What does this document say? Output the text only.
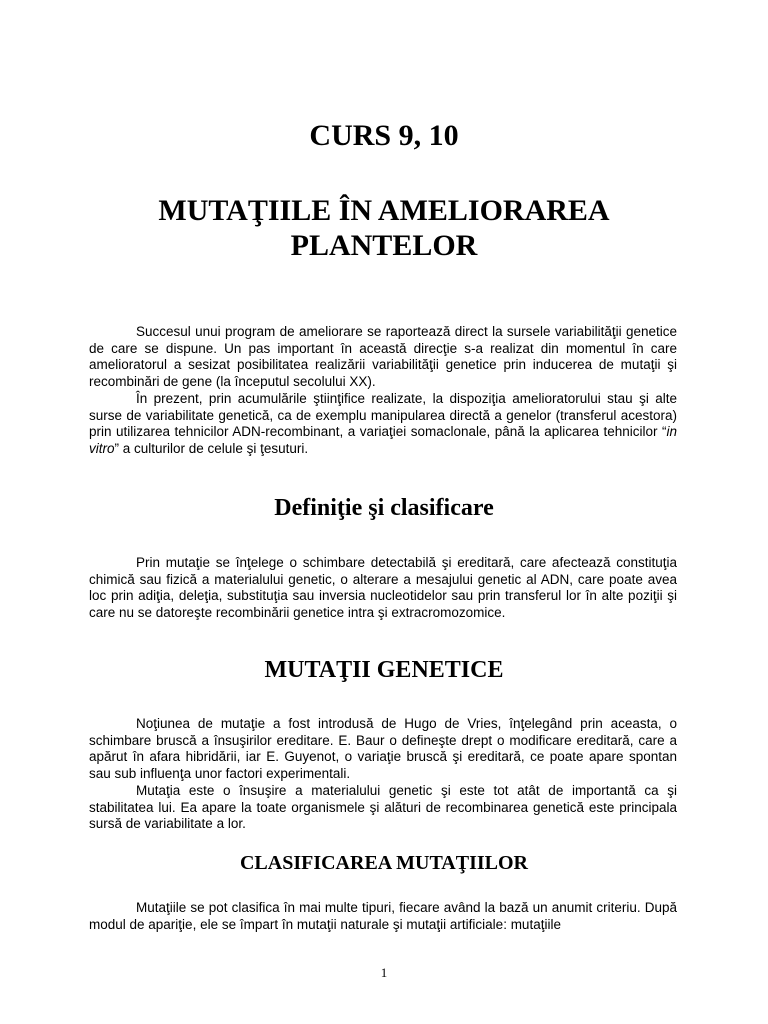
CURS 9, 10
MUTAŢIILE ÎN AMELIORAREA
PLANTELOR
Succesul unui program de ameliorare se raportează direct la sursele variabilităţii genetice de care se dispune. Un pas important în această direcţie s-a realizat din momentul în care amelioratorul a sesizat posibilitatea realizării variabilităţii genetice prin inducerea de mutaţii şi recombinări de gene (la începutul secolului XX).
În prezent, prin acumulările ştiinţifice realizate, la dispoziţia amelioratorului stau şi alte surse de variabilitate genetică, ca de exemplu manipularea directă a genelor (transferul acestora) prin utilizarea tehnicilor ADN-recombinant, a variaţiei somaclonale, până la aplicarea tehnicilor “in vitro” a culturilor de celule şi ţesuturi.
Definiţie şi clasificare
Prin mutaţie se înţelege o schimbare detectabilă şi ereditară, care afectează constituţia chimică sau fizică a materialului genetic, o alterare a mesajului genetic al ADN, care poate avea loc prin adiţia, deleţia, substituţia sau inversia nucleotidelor sau prin transferul lor în alte poziţii şi care nu se datoreşte recombinării genetice intra şi extracromozomice.
MUTAŢII GENETICE
Noţiunea de mutaţie a fost introdusă de Hugo de Vries, înţelegând prin aceasta, o schimbare bruscă a însuşirilor ereditare. E. Baur o defineşte drept o modificare ereditară, care a apărut în afara hibridării, iar E. Guyenot, o variaţie bruscă şi ereditară, ce poate apare spontan sau sub influenţa unor factori experimentali.
Mutaţia este o însuşire a materialului genetic şi este tot atât de importantă ca şi stabilitatea lui. Ea apare la toate organismele şi alături de recombinarea genetică este principala sursă de variabilitate a lor.
CLASIFICAREA MUTAŢIILOR
Mutaţiile se pot clasifica în mai multe tipuri, fiecare având la bază un anumit criteriu. După modul de apariţie, ele se împart în mutaţii naturale şi mutaţii artificiale: mutaţiile
1
